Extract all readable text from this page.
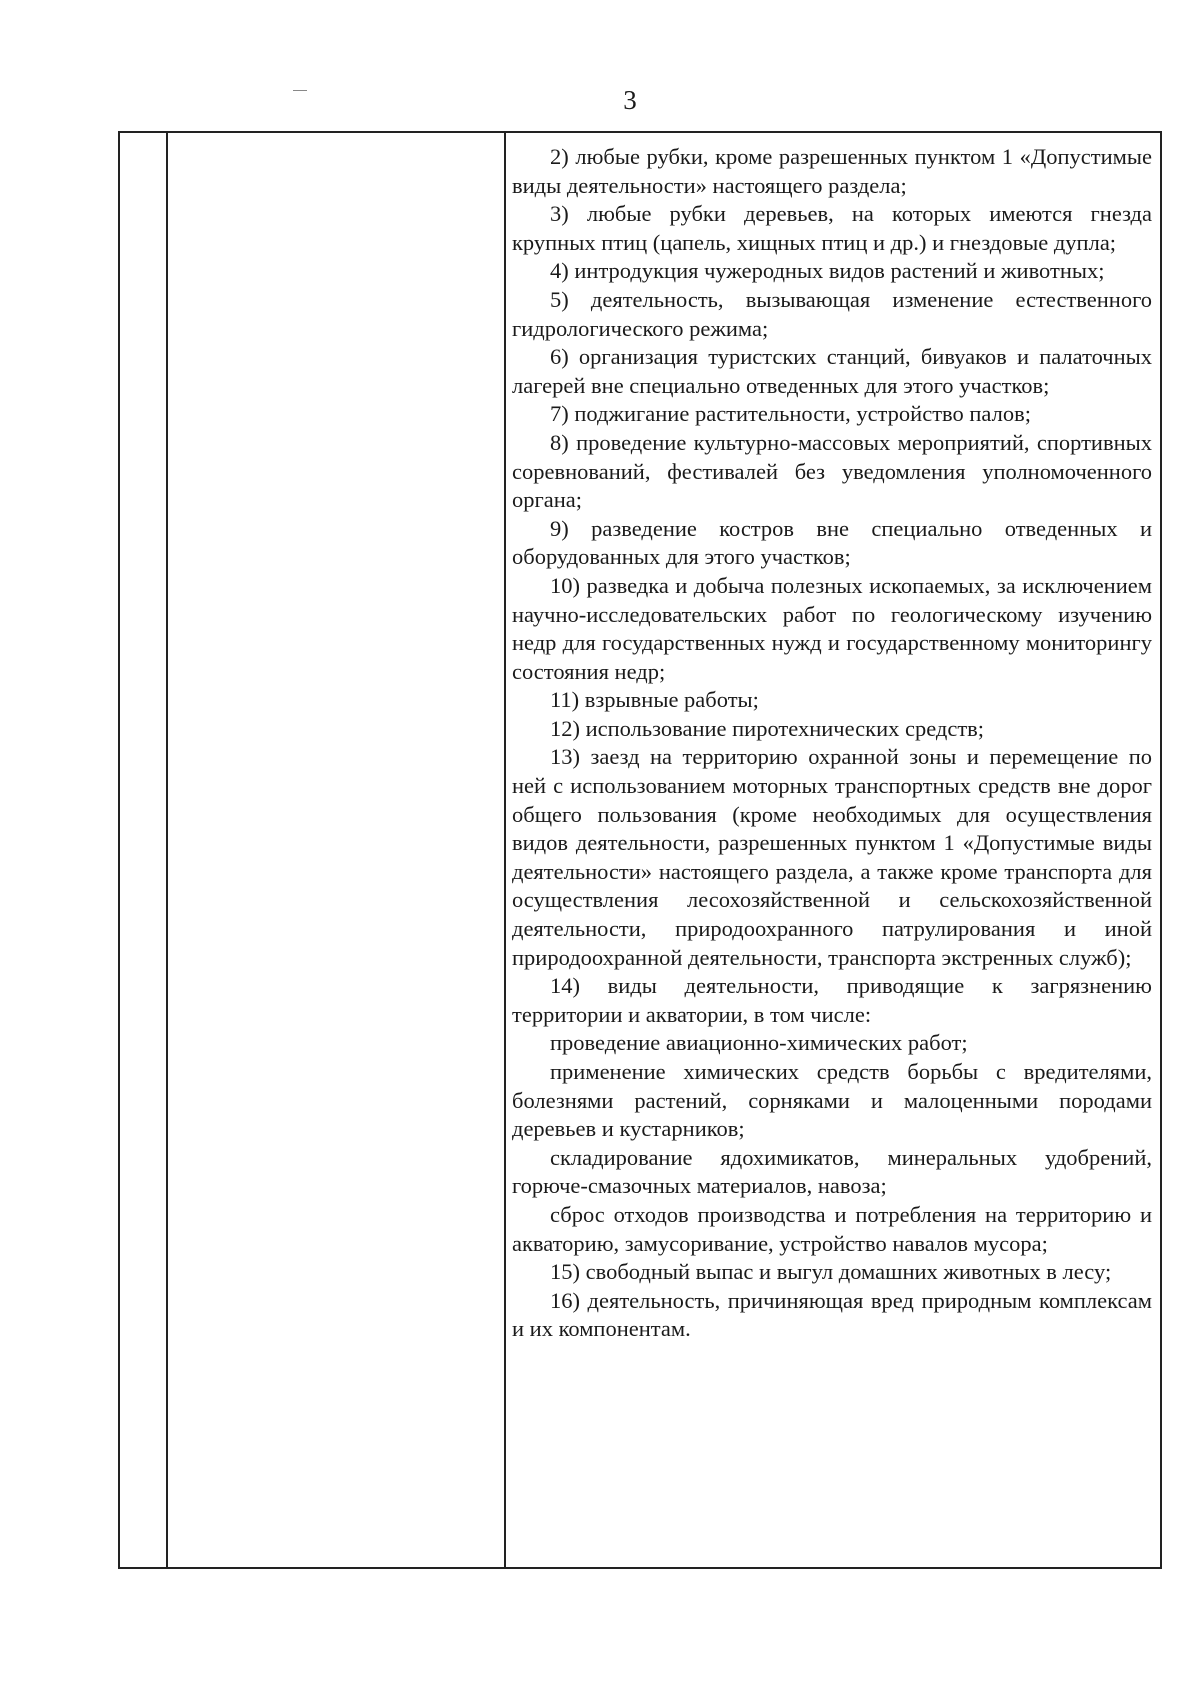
3

2) любые рубки, кроме разрешенных пунктом 1 «Допустимые виды деятельности» настоящего раздела;

3) любые рубки деревьев, на которых имеются гнезда крупных птиц (цапель, хищных птиц и др.) и гнездовые дупла;

4) интродукция чужеродных видов растений и животных;

5) деятельность, вызывающая изменение естественного гидрологического режима;

6) организация туристских станций, бивуаков и палаточных лагерей вне специально отведенных для этого участков;

7) поджигание растительности, устройство палов;

8) проведение культурно-массовых мероприятий, спортивных соревнований, фестивалей без уведомления уполномоченного органа;

9) разведение костров вне специально отведенных и оборудованных для этого участков;

10) разведка и добыча полезных ископаемых, за исключением научно-исследовательских работ по геологическому изучению недр для государственных нужд и государственному мониторингу состояния недр;

11) взрывные работы;

12) использование пиротехнических средств;

13) заезд на территорию охранной зоны и перемещение по ней с использованием моторных транспортных средств вне дорог общего пользования (кроме необходимых для осуществления видов деятельности, разрешенных пунктом 1 «Допустимые виды деятельности» настоящего раздела, а также кроме транспорта для осуществления лесохозяйственной и сельскохозяйственной деятельности, природоохранного патрулирования и иной природоохранной деятельности, транспорта экстренных служб);

14) виды деятельности, приводящие к загрязнению территории и акватории, в том числе:

проведение авиационно-химических работ;

применение химических средств борьбы с вредителями, болезнями растений, сорняками и малоценными породами деревьев и кустарников;

складирование ядохимикатов, минеральных удобрений, горюче-смазочных материалов, навоза;

сброс отходов производства и потребления на территорию и акваторию, замусоривание, устройство навалов мусора;

15) свободный выпас и выгул домашних животных в лесу;

16) деятельность, причиняющая вред природным комплексам и их компонентам.
